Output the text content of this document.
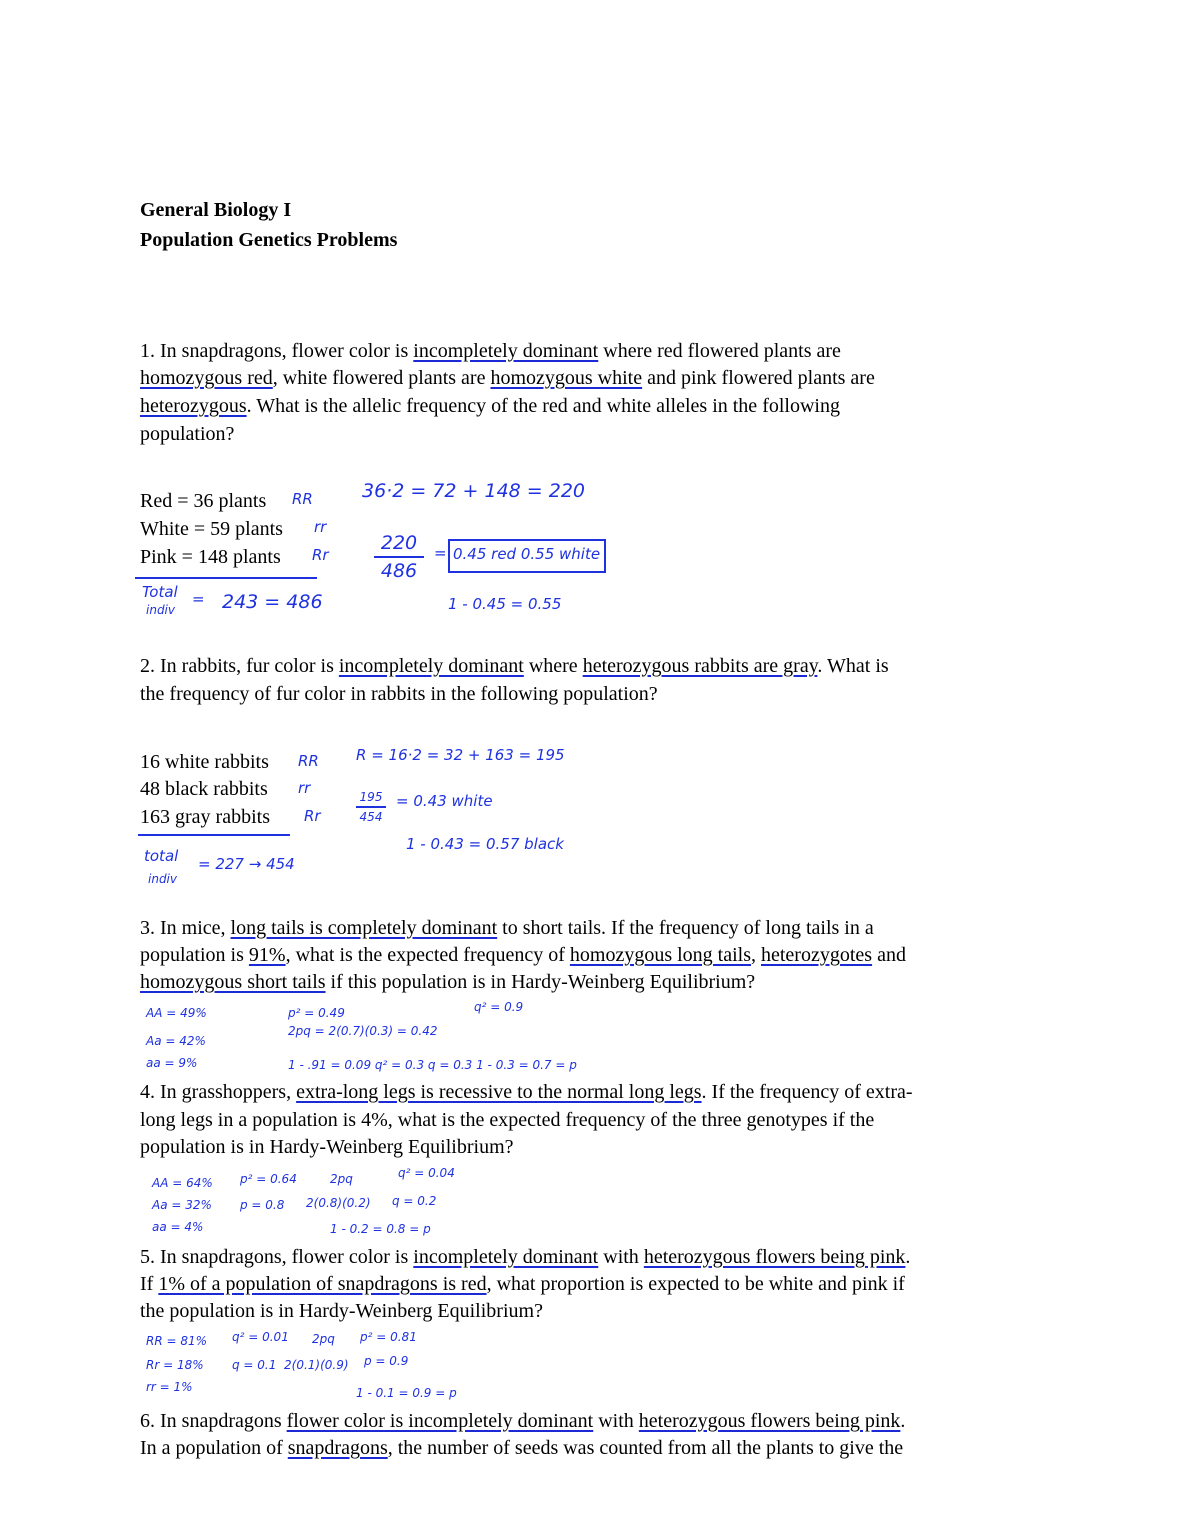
General Biology I
Population Genetics Problems
1. In snapdragons, flower color is incompletely dominant where red flowered plants are
homozygous red, white flowered plants are homozygous white and pink flowered plants are
heterozygous. What is the allelic frequency of the red and white alleles in the following
population?
Red = 36 plants
White = 59 plants
Pink = 148 plants
RR
rr
Rr
36·2 = 72 + 148 = 220
220
486
= 0.45 red 0.55 white
Total
indiv
= 243 = 486	1 - 0.45 = 0.55
2. In rabbits, fur color is incompletely dominant where heterozygous rabbits are gray. What is
the frequency of fur color in rabbits in the following population?
16 white rabbits
48 black rabbits
163 gray rabbits
RR
rr
Rr
R = 16·2 = 32 + 163 = 195
195
454
= 0.43 white
1 - 0.43 = 0.57 black
total
indiv
= 227 → 454
3. In mice, long tails is completely dominant to short tails. If the frequency of long tails in a
population is 91%, what is the expected frequency of homozygous long tails, heterozygotes and
homozygous short tails if this population is in Hardy-Weinberg Equilibrium?
AA = 49%
Aa = 42%
aa = 9%
p² = 0.49
2pq = 2(0.7)(0.3) = 0.42
1 - .91 = 0.09 q² = 0.3 q = 0.3 1 - 0.3 = 0.7 = p
q² = 0.9
4. In grasshoppers, extra-long legs is recessive to the normal long legs. If the frequency of extra-
long legs in a population is 4%, what is the expected frequency of the three genotypes if the
population is in Hardy-Weinberg Equilibrium?
AA = 64%
Aa = 32%
aa = 4%
p² = 0.64
p = 0.8
2pq
2(0.8)(0.2)
q² = 0.04
q = 0.2
1 - 0.2 = 0.8 = p
5. In snapdragons, flower color is incompletely dominant with heterozygous flowers being pink.
If 1% of a population of snapdragons is red, what proportion is expected to be white and pink if
the population is in Hardy-Weinberg Equilibrium?
RR = 81%
Rr = 18%
rr = 1%
q² = 0.01
q = 0.1
2pq
2(0.1)(0.9)
p² = 0.81
p = 0.9
1 - 0.1 = 0.9 = p
6. In snapdragons flower color is incompletely dominant with heterozygous flowers being pink.
In a population of snapdragons, the number of seeds was counted from all the plants to give the
